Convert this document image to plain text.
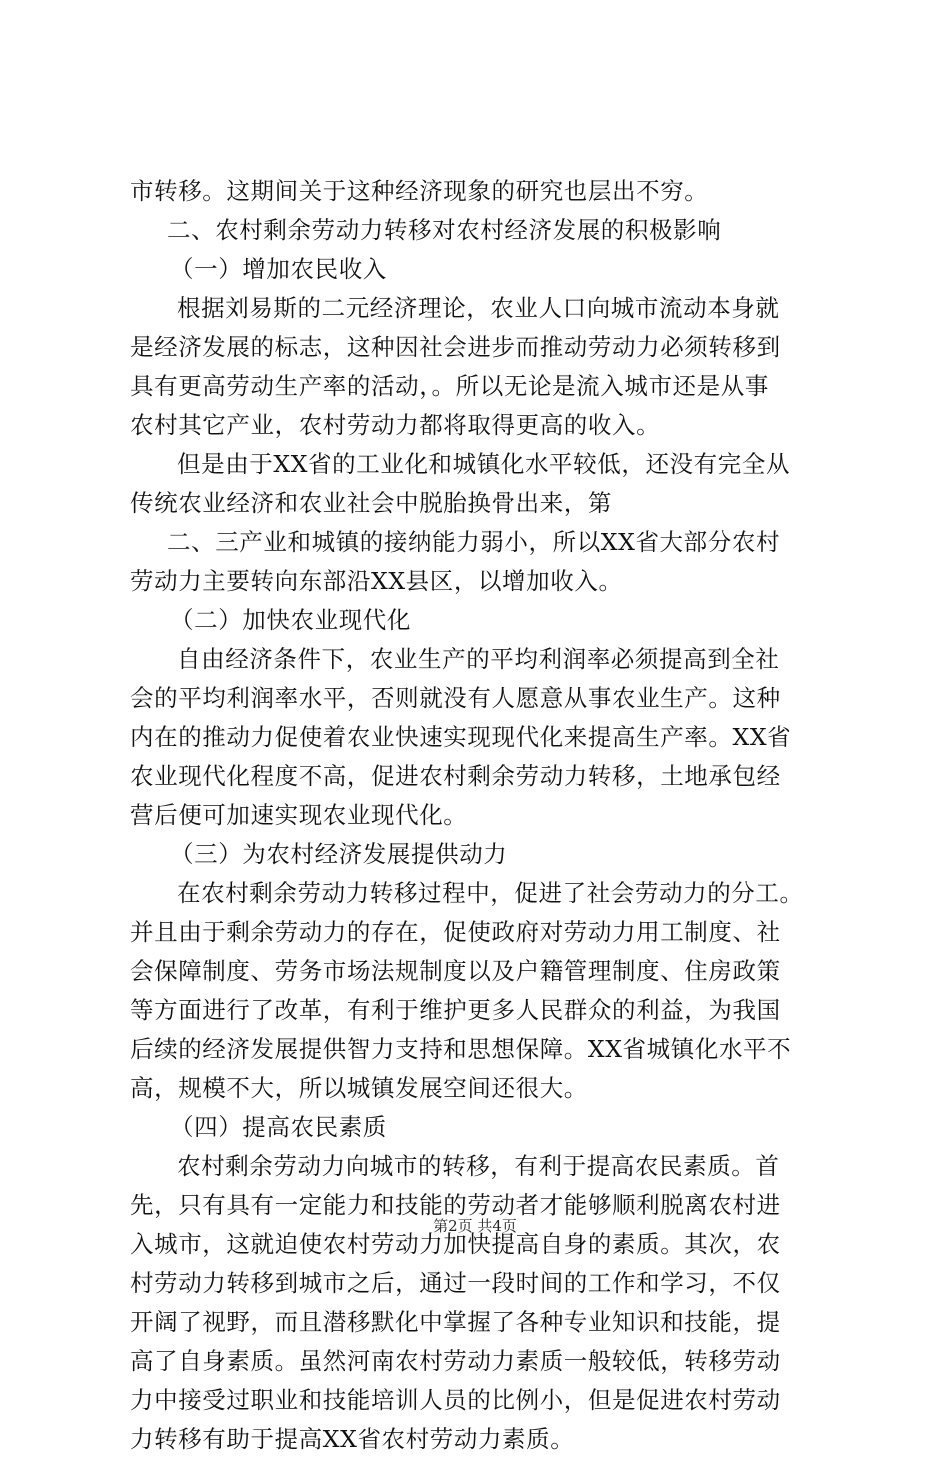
市转移。这期间关于这种经济现象的研究也层出不穷。
二、农村剩余劳动力转移对农村经济发展的积极影响
（一）增加农民收入
根据刘易斯的二元经济理论，农业人口向城市流动本身就
是经济发展的标志，这种因社会进步而推动劳动力必须转移到
具有更高劳动生产率的活动，。所以无论是流入城市还是从事
农村其它产业，农村劳动力都将取得更高的收入。
但是由于XX省的工业化和城镇化水平较低，还没有完全从
传统农业经济和农业社会中脱胎换骨出来，第
二、三产业和城镇的接纳能力弱小，所以XX省大部分农村
劳动力主要转向东部沿XX县区，以增加收入。
（二）加快农业现代化
自由经济条件下，农业生产的平均利润率必须提高到全社
会的平均利润率水平，否则就没有人愿意从事农业生产。这种
内在的推动力促使着农业快速实现现代化来提高生产率。XX省
农业现代化程度不高，促进农村剩余劳动力转移，土地承包经
营后便可加速实现农业现代化。
（三）为农村经济发展提供动力
在农村剩余劳动力转移过程中，促进了社会劳动力的分工。
并且由于剩余劳动力的存在，促使政府对劳动力用工制度、社
会保障制度、劳务市场法规制度以及户籍管理制度、住房政策
等方面进行了改革，有利于维护更多人民群众的利益，为我国
后续的经济发展提供智力支持和思想保障。XX省城镇化水平不
高，规模不大，所以城镇发展空间还很大。
（四）提高农民素质
农村剩余劳动力向城市的转移，有利于提高农民素质。首
先，只有具有一定能力和技能的劳动者才能够顺利脱离农村进
入城市，这就迫使农村劳动力加快提高自身的素质。其次，农
村劳动力转移到城市之后，通过一段时间的工作和学习，不仅
开阔了视野，而且潜移默化中掌握了各种专业知识和技能，提
高了自身素质。虽然河南农村劳动力素质一般较低，转移劳动
力中接受过职业和技能培训人员的比例小，但是促进农村劳动
力转移有助于提高XX省农村劳动力素质。
第2页 共4页
